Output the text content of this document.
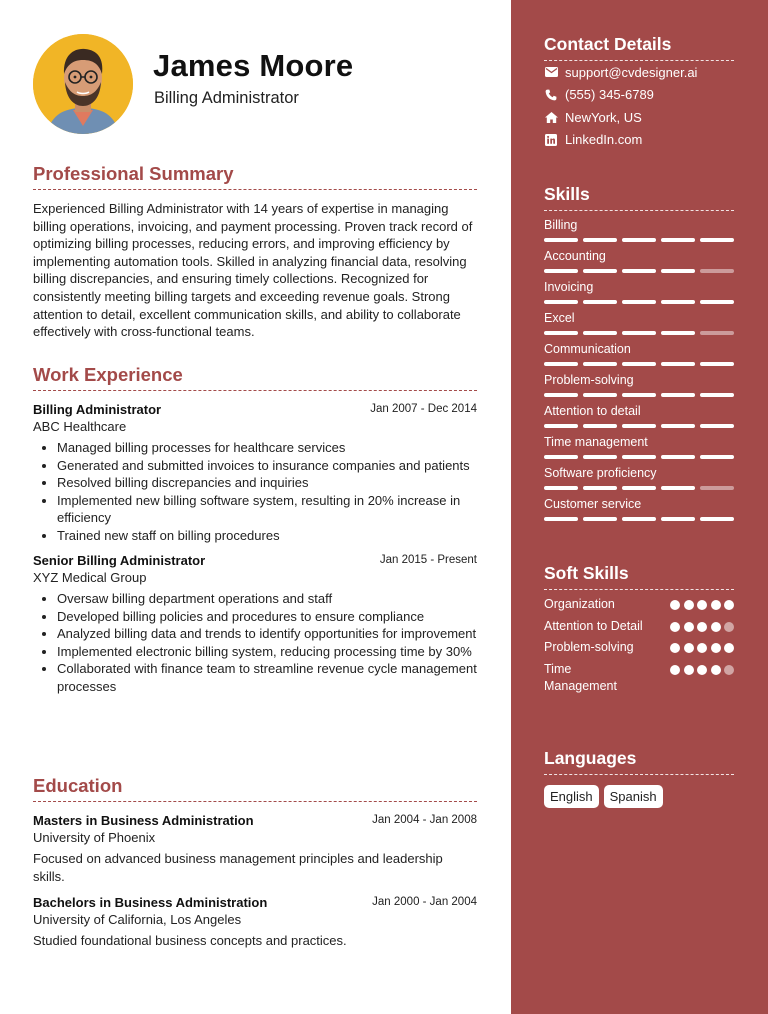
James Moore
Billing Administrator
Professional Summary
Experienced Billing Administrator with 14 years of expertise in managing billing operations, invoicing, and payment processing. Proven track record of optimizing billing processes, reducing errors, and improving efficiency by implementing automation tools. Skilled in analyzing financial data, resolving billing discrepancies, and ensuring timely collections. Recognized for consistently meeting billing targets and exceeding revenue goals. Strong attention to detail, excellent communication skills, and ability to collaborate effectively with cross-functional teams.
Work Experience
Billing Administrator	Jan 2007 - Dec 2014
ABC Healthcare
• Managed billing processes for healthcare services
• Generated and submitted invoices to insurance companies and patients
• Resolved billing discrepancies and inquiries
• Implemented new billing software system, resulting in 20% increase in efficiency
• Trained new staff on billing procedures
Senior Billing Administrator	Jan 2015 - Present
XYZ Medical Group
• Oversaw billing department operations and staff
• Developed billing policies and procedures to ensure compliance
• Analyzed billing data and trends to identify opportunities for improvement
• Implemented electronic billing system, reducing processing time by 30%
• Collaborated with finance team to streamline revenue cycle management processes
Education
Masters in Business Administration	Jan 2004 - Jan 2008
University of Phoenix
Focused on advanced business management principles and leadership skills.
Bachelors in Business Administration	Jan 2000 - Jan 2004
University of California, Los Angeles
Studied foundational business concepts and practices.
Contact Details
support@cvdesigner.ai
(555) 345-6789
NewYork, US
LinkedIn.com
Skills
Billing
Accounting
Invoicing
Excel
Communication
Problem-solving
Attention to detail
Time management
Software proficiency
Customer service
Soft Skills
Organization
Attention to Detail
Problem-solving
Time Management
Languages
English	Spanish
